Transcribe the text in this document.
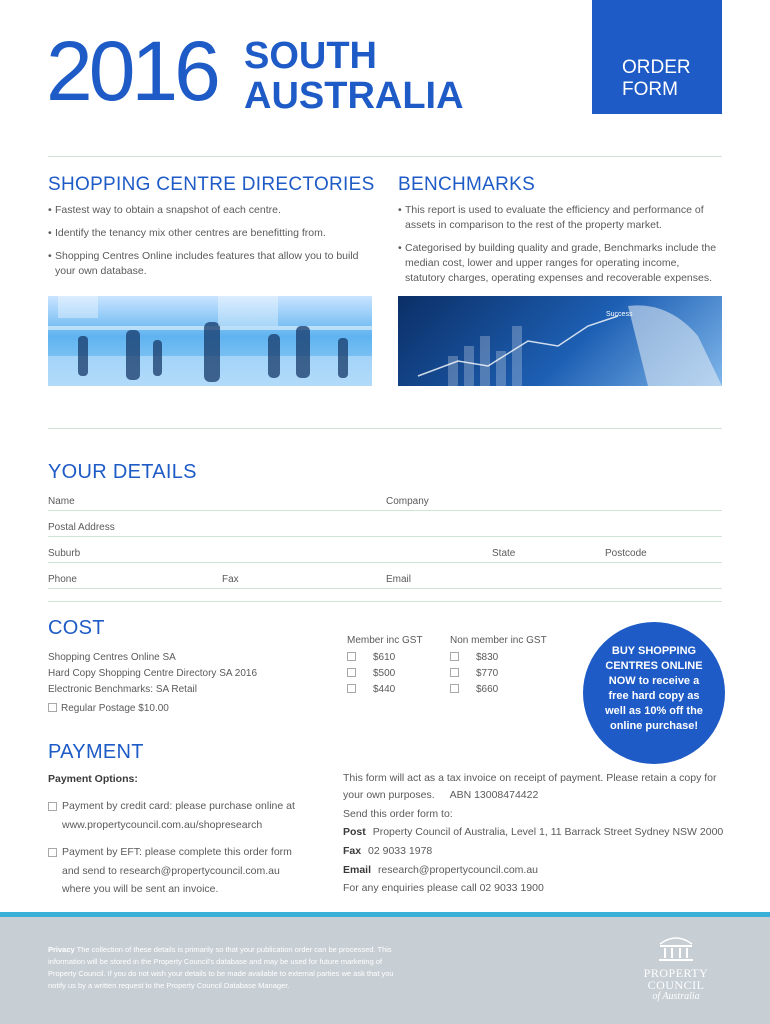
2016 SOUTH
AUSTRALIA
ORDER
FORM
SHOPPING CENTRE DIRECTORIES
• Fastest way to obtain a snapshot of each centre.
• Identify the tenancy mix other centres are benefitting from.
• Shopping Centres Online includes features that allow you to build your own database.
BENCHMARKS
• This report is used to evaluate the efficiency and performance of assets in comparison to the rest of the property market.
• Categorised by building quality and grade, Benchmarks include the median cost, lower and upper ranges for operating income, statutory charges, operating expenses and recoverable expenses.
Success
YOUR DETAILS
Name	Company
Postal Address
Suburb	State	Postcode
Phone	Fax	Email
COST
Member inc GST	Non member inc GST
Shopping Centres Online SA	$610	$830
Hard Copy Shopping Centre Directory SA 2016	$500	$770
Electronic Benchmarks: SA Retail	$440	$660
Regular Postage $10.00
BUY SHOPPING CENTRES ONLINE NOW to receive a free hard copy as well as 10% off the online purchase!
PAYMENT
Payment Options:
Payment by credit card: please purchase online at
www.propertycouncil.com.au/shopresearch
Payment by EFT: please complete this order form
and send to research@propertycouncil.com.au
where you will be sent an invoice.
This form will act as a tax invoice on receipt of payment. Please retain a copy for
your own purposes. ABN 13008474422
Send this order form to:
Post Property Council of Australia, Level 1, 11 Barrack Street Sydney NSW 2000
Fax 02 9033 1978
Email research@propertycouncil.com.au
For any enquiries please call 02 9033 1900
Privacy The collection of these details is primarily so that your publication order can be processed. This information will be stored in the Property Council's database and may be used for future marketing of Property Council. If you do not wish your details to be made available to external parties we ask that you notify us by a written request to the Property Council Database Manager.
PROPERTY
COUNCIL
of Australia
